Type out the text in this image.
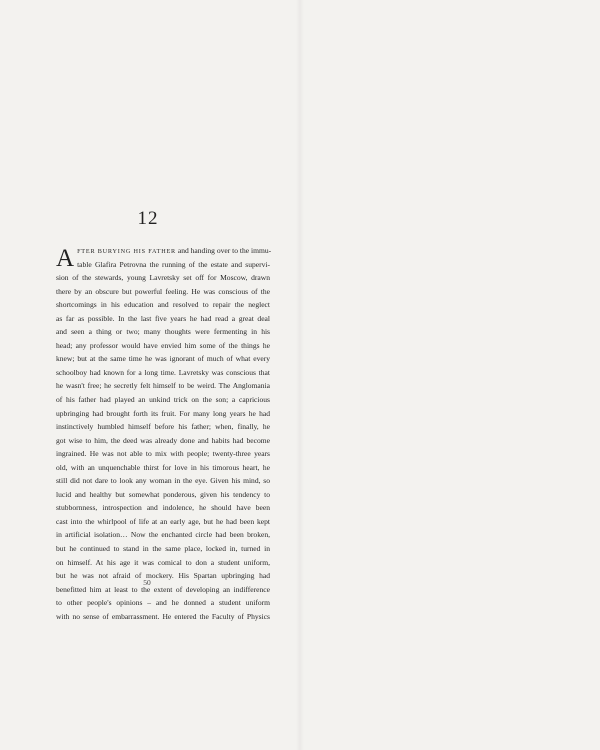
12
A FTER BURYING HIS FATHER and handing over to the immu-
table Glafira Petrovna the running of the estate and supervi-
sion of the stewards, young Lavretsky set off for Moscow, drawn
there by an obscure but powerful feeling. He was conscious of the
shortcomings in his education and resolved to repair the neglect
as far as possible. In the last five years he had read a great deal
and seen a thing or two; many thoughts were fermenting in his
head; any professor would have envied him some of the things he
knew; but at the same time he was ignorant of much of what every
schoolboy had known for a long time. Lavretsky was conscious that
he wasn't free; he secretly felt himself to be weird. The Anglomania
of his father had played an unkind trick on the son; a capricious
upbringing had brought forth its fruit. For many long years he had
instinctively humbled himself before his father; when, finally, he
got wise to him, the deed was already done and habits had become
ingrained. He was not able to mix with people; twenty-three years
old, with an unquenchable thirst for love in his timorous heart, he
still did not dare to look any woman in the eye. Given his mind, so
lucid and healthy but somewhat ponderous, given his tendency to
stubbornness, introspection and indolence, he should have been
cast into the whirlpool of life at an early age, but he had been kept
in artificial isolation… Now the enchanted circle had been broken,
but he continued to stand in the same place, locked in, turned in
on himself. At his age it was comical to don a student uniform,
but he was not afraid of mockery. His Spartan upbringing had
benefitted him at least to the extent of developing an indifference
to other people's opinions – and he donned a student uniform
with no sense of embarrassment. He entered the Faculty of Physics
50
